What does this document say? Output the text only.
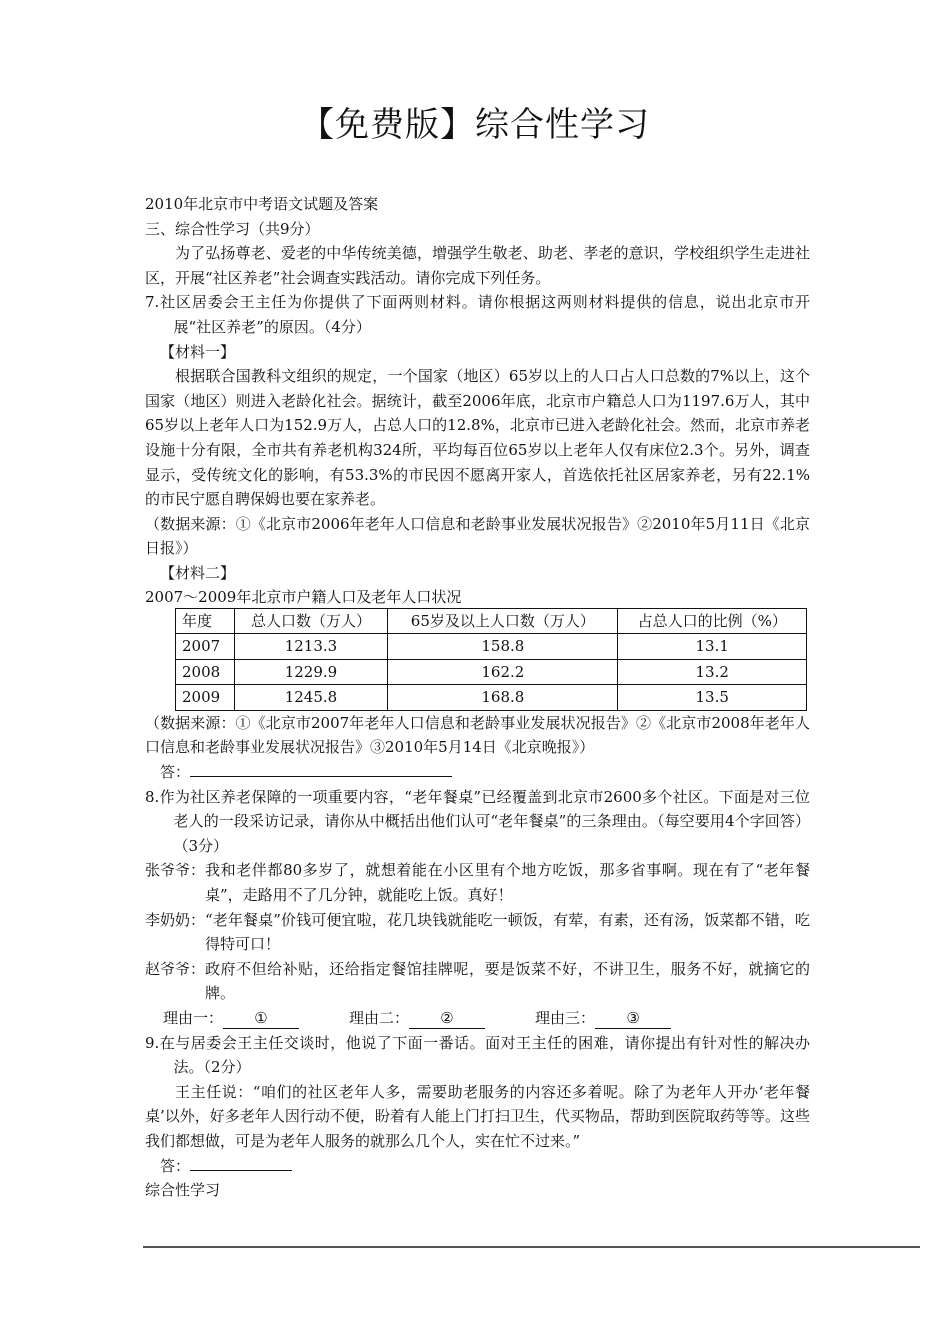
【免费版】综合性学习

2010年北京市中考语文试题及答案

三、综合性学习（共9分）

为了弘扬尊老、爱老的中华传统美德，增强学生敬老、助老、孝老的意识，学校组织学生走进社区，开展“社区养老”社会调查实践活动。请你完成下列任务。

7.社区居委会王主任为你提供了下面两则材料。请你根据这两则材料提供的信息，说出北京市开展“社区养老”的原因。（4分）

【材料一】

根据联合国教科文组织的规定，一个国家（地区）65岁以上的人口占人口总数的7%以上，这个国家（地区）则进入老龄化社会。据统计，截至2006年底，北京市户籍总人口为1197.6万人，其中65岁以上老年人口为152.9万人，占总人口的12.8%，北京市已进入老龄化社会。然而，北京市养老设施十分有限，全市共有养老机构324所，平均每百位65岁以上老年人仅有床位2.3个。另外，调查显示，受传统文化的影响，有53.3%的市民因不愿离开家人，首选依托社区居家养老，另有22.1%的市民宁愿自聘保姆也要在家养老。

（数据来源：①《北京市2006年老年人口信息和老龄事业发展状况报告》②2010年5月11日《北京日报》）

【材料二】

2007～2009年北京市户籍人口及老年人口状况

年度	总人口数（万人）	65岁及以上人口数（万人）	占总人口的比例（%）
2007	1213.3	158.8	13.1
2008	1229.9	162.2	13.2
2009	1245.8	168.8	13.5

（数据来源：①《北京市2007年老年人口信息和老龄事业发展状况报告》②《北京市2008年老年人口信息和老龄事业发展状况报告》③2010年5月14日《北京晚报》）

答：

8.作为社区养老保障的一项重要内容，“老年餐桌”已经覆盖到北京市2600多个社区。下面是对三位老人的一段采访记录，请你从中概括出他们认可“老年餐桌”的三条理由。（每空要用4个字回答）（3分）

张爷爷： 我和老伴都80多岁了，就想着能在小区里有个地方吃饭，那多省事啊。现在有了“老年餐桌”，走路用不了几分钟，就能吃上饭。真好！
李奶奶： “老年餐桌”价钱可便宜啦，花几块钱就能吃一顿饭，有荤，有素，还有汤，饭菜都不错，吃得特可口！
赵爷爷： 政府不但给补贴，还给指定餐馆挂牌呢，要是饭菜不好，不讲卫生，服务不好，就摘它的牌。
理由一： ①	理由二： ②	理由三： ③

9.在与居委会王主任交谈时，他说了下面一番话。面对王主任的困难，请你提出有针对性的解决办法。（2分）

王主任说：“咱们的社区老年人多，需要助老服务的内容还多着呢。除了为老年人开办‘老年餐桌’以外，好多老年人因行动不便，盼着有人能上门打扫卫生，代买物品，帮助到医院取药等等。这些我们都想做，可是为老年人服务的就那么几个人，实在忙不过来。”

答：

综合性学习
